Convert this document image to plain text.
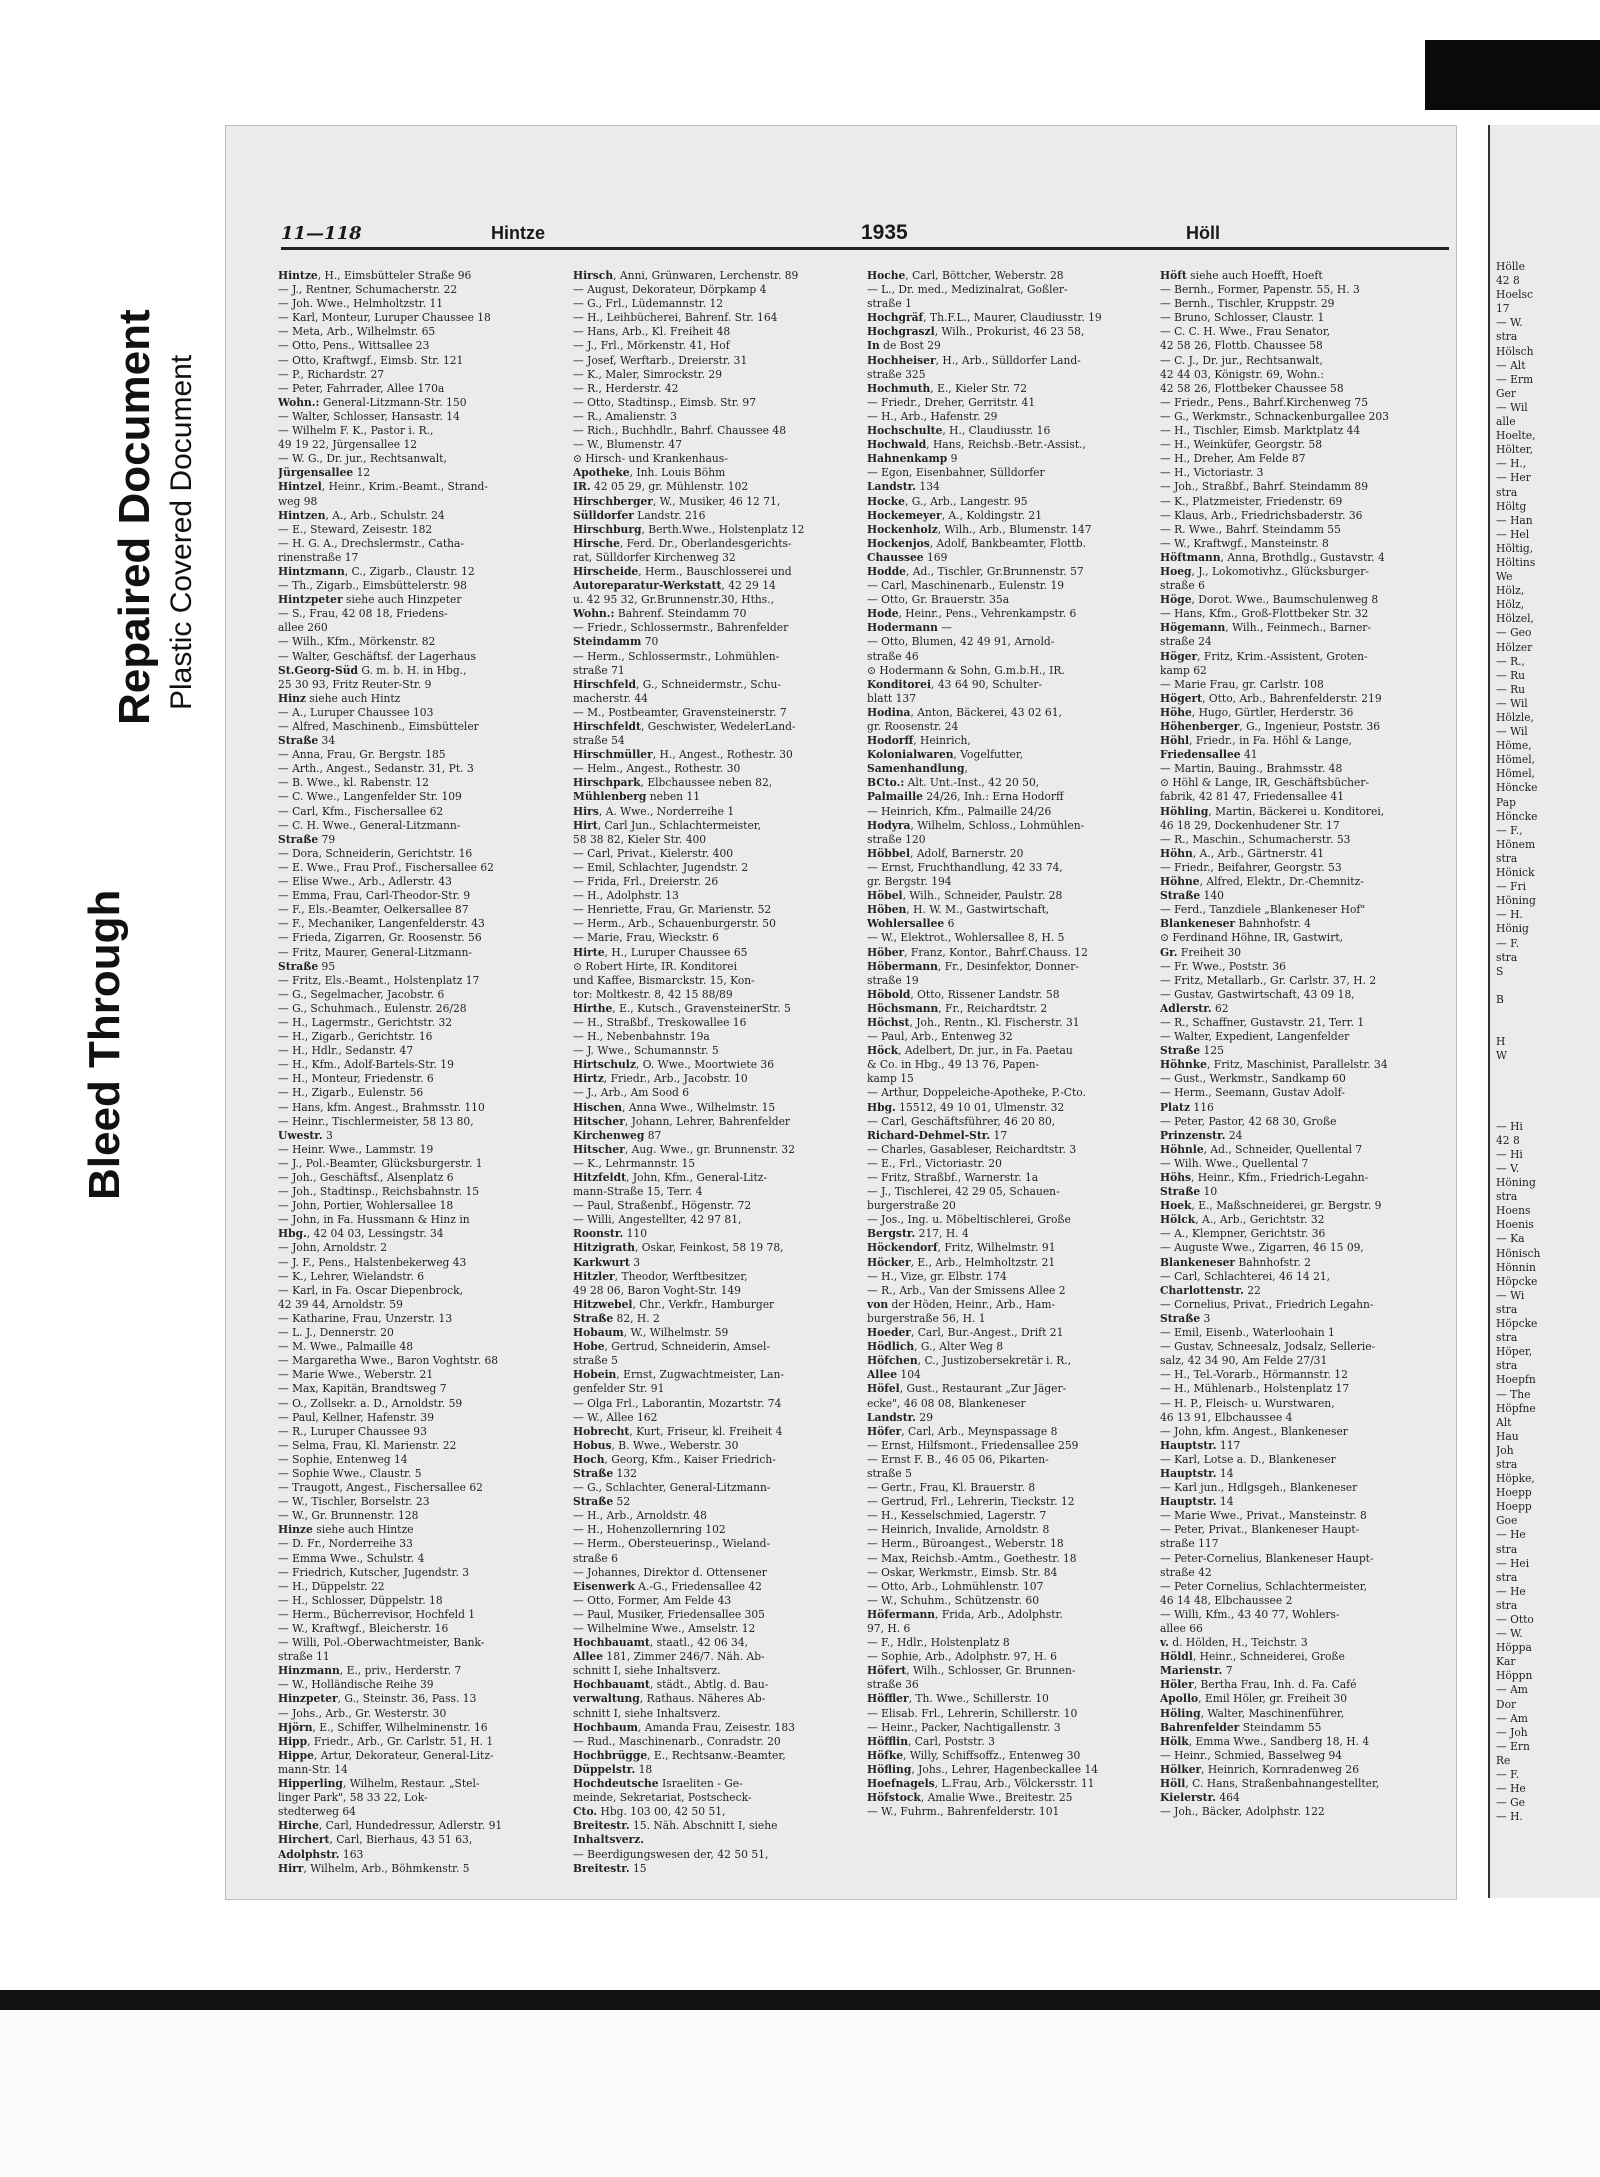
Bleed Through
Repaired Document Plastic Covered Document
11—118	Hintze	1935	Höll
Hintze, H., Eimsbütteler Straße 96
— J., Rentner, Schumacherstr. 22
— Joh. Wwe., Helmholtzstr. 11
— Karl, Monteur, Luruper Chaussee 18
— Meta, Arb., Wilhelmstr. 65
— Otto, Pens., Wittsallee 23
— Otto, Kraftwgf., Eimsb. Str. 121
— P., Richardstr. 27
— Peter, Fahrrader, Allee 170a
Wohn.: General-Litzmann-Str. 150
— Walter, Schlosser, Hansastr. 14
— Wilhelm F. K., Pastor i. R.,
49 19 22, Jürgensallee 12
— W. G., Dr. jur., Rechtsanwalt,
Jürgensallee 12
Hintzel, Heinr., Krim.-Beamt., Strand-
weg 98
Hintzen, A., Arb., Schulstr. 24
— E., Steward, Zeisestr. 182
— H. G. A., Drechslermstr., Catha-
rinenstraße 17
Hintzmann, C., Zigarb., Claustr. 12
— Th., Zigarb., Eimsbüttelerstr. 98
Hintzpeter siehe auch Hinzpeter
— S., Frau, 42 08 18, Friedens-
allee 260
— Wilh., Kfm., Mörkenstr. 82
— Walter, Geschäftsf. der Lagerhaus
St.Georg-Süd G. m. b. H. in Hbg.,
25 30 93, Fritz Reuter-Str. 9
Hinz siehe auch Hintz
— A., Luruper Chaussee 103
— Alfred, Maschinenb., Eimsbütteler
Straße 34
— Anna, Frau, Gr. Bergstr. 185
— Arth., Angest., Sedanstr. 31, Pt. 3
— B. Wwe., kl. Rabenstr. 12
— C. Wwe., Langenfelder Str. 109
— Carl, Kfm., Fischersallee 62
— C. H. Wwe., General-Litzmann-
Straße 79
— Dora, Schneiderin, Gerichtstr. 16
— E. Wwe., Frau Prof., Fischersallee 62
— Elise Wwe., Arb., Adlerstr. 43
— Emma, Frau, Carl-Theodor-Str. 9
— F., Els.-Beamter, Oelkersallee 87
— F., Mechaniker, Langenfelderstr. 43
— Frieda, Zigarren, Gr. Roosenstr. 56
— Fritz, Maurer, General-Litzmann-
Straße 95
— Fritz, Els.-Beamt., Holstenplatz 17
— G., Segelmacher, Jacobstr. 6
— G., Schuhmach., Eulenstr. 26/28
— H., Lagermstr., Gerichtstr. 32
— H., Zigarb., Gerichtstr. 16
— H., Hdlr., Sedanstr. 47
— H., Kfm., Adolf-Bartels-Str. 19
— H., Monteur, Friedenstr. 6
— H., Zigarb., Eulenstr. 56
— Hans, kfm. Angest., Brahmsstr. 110
— Heinr., Tischlermeister, 58 13 80,
Uwestr. 3
— Heinr. Wwe., Lammstr. 19
— J., Pol.-Beamter, Glücksburgerstr. 1
— Joh., Geschäftsf., Alsenplatz 6
— Joh., Stadtinsp., Reichsbahnstr. 15
— John, Portier, Wohlersallee 18
— John, in Fa. Hussmann & Hinz in
Hbg., 42 04 03, Lessingstr. 34
— John, Arnoldstr. 2
— J. F., Pens., Halstenbekerweg 43
— K., Lehrer, Wielandstr. 6
— Karl, in Fa. Oscar Diepenbrock,
42 39 44, Arnoldstr. 59
— Katharine, Frau, Unzerstr. 13
— L. J., Dennerstr. 20
— M. Wwe., Palmaille 48
— Margaretha Wwe., Baron Voghtstr. 68
— Marie Wwe., Weberstr. 21
— Max, Kapitän, Brandtsweg 7
— O., Zollsekr. a. D., Arnoldstr. 59
— Paul, Kellner, Hafenstr. 39
— R., Luruper Chaussee 93
— Selma, Frau, Kl. Marienstr. 22
— Sophie, Entenweg 14
— Sophie Wwe., Claustr. 5
— Traugott, Angest., Fischersallee 62
— W., Tischler, Borselstr. 23
— W., Gr. Brunnenstr. 128
Hinze siehe auch Hintze
— D. Fr., Norderreihe 33
— Emma Wwe., Schulstr. 4
— Friedrich, Kutscher, Jugendstr. 3
— H., Düppelstr. 22
— H., Schlosser, Düppelstr. 18
— Herm., Bücherrevisor, Hochfeld 1
— W., Kraftwgf., Bleicherstr. 16
— Willi, Pol.-Oberwachtmeister, Bank-
straße 11
Hinzmann, E., priv., Herderstr. 7
— W., Holländische Reihe 39
Hinzpeter, G., Steinstr. 36, Pass. 13
— Johs., Arb., Gr. Westerstr. 30
Hjörn, E., Schiffer, Wilhelminenstr. 16
Hipp, Friedr., Arb., Gr. Carlstr. 51, H. 1
Hippe, Artur, Dekorateur, General-Litz-
mann-Str. 14
Hipperling, Wilhelm, Restaur. „Stel-
linger Park", 58 33 22, Lok-
stedterweg 64
Hirche, Carl, Hundedressur, Adlerstr. 91
Hirchert, Carl, Bierhaus, 43 51 63,
Adolphstr. 163
Hirr, Wilhelm, Arb., Böhmkenstr. 5
Hirsch, Anni, Grünwaren, Lerchenstr. 89
— August, Dekorateur, Dörpkamp 4
— G., Frl., Lüdemannstr. 12
— H., Leihbücherei, Bahrenf. Str. 164
— Hans, Arb., Kl. Freiheit 48
— J., Frl., Mörkenstr. 41, Hof
— Josef, Werftarb., Dreierstr. 31
— K., Maler, Simrockstr. 29
— R., Herderstr. 42
— Otto, Stadtinsp., Eimsb. Str. 97
— R., Amalienstr. 3
— Rich., Buchhdlr., Bahrf. Chaussee 48
— W., Blumenstr. 47
⊙ Hirsch- und Krankenhaus-
Apotheke, Inh. Louis Böhm
IR. 42 05 29, gr. Mühlenstr. 102
Hirschberger, W., Musiker, 46 12 71,
Sülldorfer Landstr. 216
Hirschburg, Berth.Wwe., Holstenplatz 12
Hirsche, Ferd. Dr., Oberlandesgerichts-
rat, Sülldorfer Kirchenweg 32
Hirscheide, Herm., Bauschlosserei und
Autoreparatur-Werkstatt, 42 29 14
u. 42 95 32, Gr.Brunnenstr.30, Hths.,
Wohn.: Bahrenf. Steindamm 70
— Friedr., Schlossermstr., Bahrenfelder
Steindamm 70
— Herm., Schlossermstr., Lohmühlen-
straße 71
Hirschfeld, G., Schneidermstr., Schu-
macherstr. 44
— M., Postbeamter, Gravensteinerstr. 7
Hirschfeldt, Geschwister, WedelerLand-
straße 54
Hirschmüller, H., Angest., Rothestr. 30
— Helm., Angest., Rothestr. 30
Hirschpark, Elbchaussee neben 82,
Mühlenberg neben 11
Hirs, A. Wwe., Norderreihe 1
Hirt, Carl Jun., Schlachtermeister,
58 38 82, Kieler Str. 400
— Carl, Privat., Kielerstr. 400
— Emil, Schlachter, Jugendstr. 2
— Frida, Frl., Dreierstr. 26
— H., Adolphstr. 13
— Henriette, Frau, Gr. Marienstr. 52
— Herm., Arb., Schauenburgerstr. 50
— Marie, Frau, Wieckstr. 6
Hirte, H., Luruper Chaussee 65
⊙ Robert Hirte, IR. Konditorei
und Kaffee, Bismarckstr. 15, Kon-
tor: Moltkestr. 8, 42 15 88/89
Hirthe, E., Kutsch., GravensteinerStr. 5
— H., Straßbf., Treskowallee 16
— H., Nebenbahnstr. 19a
— J. Wwe., Schumannstr. 5
Hirtschulz, O. Wwe., Moortwiete 36
Hirtz, Friedr., Arb., Jacobstr. 10
— J., Arb., Am Sood 6
Hischen, Anna Wwe., Wilhelmstr. 15
Hitscher, Johann, Lehrer, Bahrenfelder
Kirchenweg 87
Hitscher, Aug. Wwe., gr. Brunnenstr. 32
— K., Lehrmannstr. 15
Hitzfeldt, John, Kfm., General-Litz-
mann-Straße 15, Terr. 4
— Paul, Straßenbf., Högenstr. 72
— Willi, Angestellter, 42 97 81,
Roonstr. 110
Hitzigrath, Oskar, Feinkost, 58 19 78,
Karkwurt 3
Hitzler, Theodor, Werftbesitzer,
49 28 06, Baron Voght-Str. 149
Hitzwebel, Chr., Verkfr., Hamburger
Straße 82, H. 2
Hobaum, W., Wilhelmstr. 59
Hobe, Gertrud, Schneiderin, Amsel-
straße 5
Hobein, Ernst, Zugwachtmeister, Lan-
genfelder Str. 91
— Olga Frl., Laborantin, Mozartstr. 74
— W., Allee 162
Hobrecht, Kurt, Friseur, kl. Freiheit 4
Hobus, B. Wwe., Weberstr. 30
Hoch, Georg, Kfm., Kaiser Friedrich-
Straße 132
— G., Schlachter, General-Litzmann-
Straße 52
— H., Arb., Arnoldstr. 48
— H., Hohenzollernring 102
— Herm., Obersteuerinsp., Wieland-
straße 6
— Johannes, Direktor d. Ottensener
Eisenwerk A.-G., Friedensallee 42
— Otto, Former, Am Felde 43
— Paul, Musiker, Friedensallee 305
— Wilhelmine Wwe., Amselstr. 12
Hochbauamt, staatl., 42 06 34,
Allee 181, Zimmer 246/7. Näh. Ab-
schnitt I, siehe Inhaltsverz.
Hochbauamt, städt., Abtlg. d. Bau-
verwaltung, Rathaus. Näheres Ab-
schnitt I, siehe Inhaltsverz.
Hochbaum, Amanda Frau, Zeisestr. 183
— Rud., Maschinenarb., Conradstr. 20
Hochbrügge, E., Rechtsanw.-Beamter,
Düppelstr. 18
Hochdeutsche Israeliten - Ge-
meinde, Sekretariat, Postscheck-
Cto. Hbg. 103 00, 42 50 51,
Breitestr. 15. Näh. Abschnitt I, siehe
Inhaltsverz.
— Beerdigungswesen der, 42 50 51,
Breitestr. 15
Hoche, Carl, Böttcher, Weberstr. 28
— L., Dr. med., Medizinalrat, Goßler-
straße 1
Hochgräf, Th.F.L., Maurer, Claudiusstr. 19
Hochgraszl, Wilh., Prokurist, 46 23 58,
In de Bost 29
Hochheiser, H., Arb., Sülldorfer Land-
straße 325
Hochmuth, E., Kieler Str. 72
— Friedr., Dreher, Gerritstr. 41
— H., Arb., Hafenstr. 29
Hochschulte, H., Claudiusstr. 16
Hochwald, Hans, Reichsb.-Betr.-Assist.,
Hahnenkamp 9
— Egon, Eisenbahner, Sülldorfer
Landstr. 134
Hocke, G., Arb., Langestr. 95
Hockemeyer, A., Koldingstr. 21
Hockenholz, Wilh., Arb., Blumenstr. 147
Hockenjos, Adolf, Bankbeamter, Flottb.
Chaussee 169
Hodde, Ad., Tischler, Gr.Brunnenstr. 57
— Carl, Maschinenarb., Eulenstr. 19
— Otto, Gr. Brauerstr. 35a
Hode, Heinr., Pens., Vehrenkampstr. 6
Hodermann —
— Otto, Blumen, 42 49 91, Arnold-
straße 46
⊙ Hodermann & Sohn, G.m.b.H., IR.
Konditorei, 43 64 90, Schulter-
blatt 137
Hodina, Anton, Bäckerei, 43 02 61,
gr. Roosenstr. 24
Hodorff, Heinrich,
Kolonialwaren, Vogelfutter,
Samenhandlung,
BCto.: Alt. Unt.-Inst., 42 20 50,
Palmaille 24/26, Inh.: Erna Hodorff
— Heinrich, Kfm., Palmaille 24/26
Hodyra, Wilhelm, Schloss., Lohmühlen-
straße 120
Höbbel, Adolf, Barnerstr. 20
— Ernst, Fruchthandlung, 42 33 74,
gr. Bergstr. 194
Höbel, Wilh., Schneider, Paulstr. 28
Höben, H. W. M., Gastwirtschaft,
Wohlersallee 6
— W., Elektrot., Wohlersallee 8, H. 5
Höber, Franz, Kontor., Bahrf.Chauss. 12
Höbermann, Fr., Desinfektor, Donner-
straße 19
Höbold, Otto, Rissener Landstr. 58
Höchsmann, Fr., Reichardtstr. 2
Höchst, Joh., Rentn., Kl. Fischerstr. 31
— Paul, Arb., Entenweg 32
Höck, Adelbert, Dr. jur., in Fa. Paetau
& Co. in Hbg., 49 13 76, Papen-
kamp 15
— Arthur, Doppeleiche-Apotheke, P.-Cto.
Hbg. 15512, 49 10 01, Ulmenstr. 32
— Carl, Geschäftsführer, 46 20 80,
Richard-Dehmel-Str. 17
— Charles, Gasableser, Reichardtstr. 3
— E., Frl., Victoriastr. 20
— Fritz, Straßbf., Warnerstr. 1a
— J., Tischlerei, 42 29 05, Schauen-
burgerstraße 20
— Jos., Ing. u. Möbeltischlerei, Große
Bergstr. 217, H. 4
Höckendorf, Fritz, Wilhelmstr. 91
Höcker, E., Arb., Helmholtzstr. 21
— H., Vize, gr. Elbstr. 174
— R., Arb., Van der Smissens Allee 2
von der Höden, Heinr., Arb., Ham-
burgerstraße 56, H. 1
Hoeder, Carl, Bur.-Angest., Drift 21
Hödlich, G., Alter Weg 8
Höfchen, C., Justizobersekretär i. R.,
Allee 104
Höfel, Gust., Restaurant „Zur Jäger-
ecke", 46 08 08, Blankeneser
Landstr. 29
Höfer, Carl, Arb., Meynspassage 8
— Ernst, Hilfsmont., Friedensallee 259
— Ernst F. B., 46 05 06, Pikarten-
straße 5
— Gertr., Frau, Kl. Brauerstr. 8
— Gertrud, Frl., Lehrerin, Tieckstr. 12
— H., Kesselschmied, Lagerstr. 7
— Heinrich, Invalide, Arnoldstr. 8
— Herm., Büroangest., Weberstr. 18
— Max, Reichsb.-Amtm., Goethestr. 18
— Oskar, Werkmstr., Eimsb. Str. 84
— Otto, Arb., Lohmühlenstr. 107
— W., Schuhm., Schützenstr. 60
Höfermann, Frida, Arb., Adolphstr.
97, H. 6
— F., Hdlr., Holstenplatz 8
— Sophie, Arb., Adolphstr. 97, H. 6
Höfert, Wilh., Schlosser, Gr. Brunnen-
straße 36
Höffler, Th. Wwe., Schillerstr. 10
— Elisab. Frl., Lehrerin, Schillerstr. 10
— Heinr., Packer, Nachtigallenstr. 3
Höfflin, Carl, Poststr. 3
Höfke, Willy, Schiffsoffz., Entenweg 30
Höfling, Johs., Lehrer, Hagenbeckallee 14
Hoefnagels, L.Frau, Arb., Völckersstr. 11
Höfstock, Amalie Wwe., Breitestr. 25
— W., Fuhrm., Bahrenfelderstr. 101
Höft siehe auch Hoefft, Hoeft
— Bernh., Former, Papenstr. 55, H. 3
— Bernh., Tischler, Kruppstr. 29
— Bruno, Schlosser, Claustr. 1
— C. C. H. Wwe., Frau Senator,
42 58 26, Flottb. Chaussee 58
— C. J., Dr. jur., Rechtsanwalt,
42 44 03, Königstr. 69, Wohn.:
42 58 26, Flottbeker Chaussee 58
— Friedr., Pens., Bahrf.Kirchenweg 75
— G., Werkmstr., Schnackenburgallee 203
— H., Tischler, Eimsb. Marktplatz 44
— H., Weinküfer, Georgstr. 58
— H., Dreher, Am Felde 87
— H., Victoriastr. 3
— Joh., Straßbf., Bahrf. Steindamm 89
— K., Platzmeister, Friedenstr. 69
— Klaus, Arb., Friedrichsbaderstr. 36
— R. Wwe., Bahrf. Steindamm 55
— W., Kraftwgf., Mansteinstr. 8
Höftmann, Anna, Brothdlg., Gustavstr. 4
Hoeg, J., Lokomotivhz., Glücksburger-
straße 6
Höge, Dorot. Wwe., Baumschulenweg 8
— Hans, Kfm., Groß-Flottbeker Str. 32
Högemann, Wilh., Feinmech., Barner-
straße 24
Höger, Fritz, Krim.-Assistent, Groten-
kamp 62
— Marie Frau, gr. Carlstr. 108
Högert, Otto, Arb., Bahrenfelderstr. 219
Höhe, Hugo, Gürtler, Herderstr. 36
Höhenberger, G., Ingenieur, Poststr. 36
Höhl, Friedr., in Fa. Höhl & Lange,
Friedensallee 41
— Martin, Bauing., Brahmsstr. 48
⊙ Höhl & Lange, IR, Geschäftsbücher-
fabrik, 42 81 47, Friedensallee 41
Höhling, Martin, Bäckerei u. Konditorei,
46 18 29, Dockenhudener Str. 17
— R., Maschin., Schumacherstr. 53
Höhn, A., Arb., Gärtnerstr. 41
— Friedr., Beifahrer, Georgstr. 53
Höhne, Alfred, Elektr., Dr.-Chemnitz-
Straße 140
— Ferd., Tanzdiele „Blankeneser Hof"
Blankeneser Bahnhofstr. 4
⊙ Ferdinand Höhne, IR, Gastwirt,
Gr. Freiheit 30
— Fr. Wwe., Poststr. 36
— Fritz, Metallarb., Gr. Carlstr. 37, H. 2
— Gustav, Gastwirtschaft, 43 09 18,
Adlerstr. 62
— R., Schaffner, Gustavstr. 21, Terr. 1
— Walter, Expedient, Langenfelder
Straße 125
Höhnke, Fritz, Maschinist, Parallelstr. 34
— Gust., Werkmstr., Sandkamp 60
— Herm., Seemann, Gustav Adolf-
Platz 116
— Peter, Pastor, 42 68 30, Große
Prinzenstr. 24
Höhnle, Ad., Schneider, Quellental 7
— Wilh. Wwe., Quellental 7
Höhs, Heinr., Kfm., Friedrich-Legahn-
Straße 10
Hoek, E., Maßschneiderei, gr. Bergstr. 9
Hölck, A., Arb., Gerichtstr. 32
— A., Klempner, Gerichtstr. 36
— Auguste Wwe., Zigarren, 46 15 09,
Blankeneser Bahnhofstr. 2
— Carl, Schlachterei, 46 14 21,
Charlottenstr. 22
— Cornelius, Privat., Friedrich Legahn-
Straße 3
— Emil, Eisenb., Waterloohain 1
— Gustav, Schneesalz, Jodsalz, Sellerie-
salz, 42 34 90, Am Felde 27/31
— H., Tel.-Vorarb., Hörmannstr. 12
— H., Mühlenarb., Holstenplatz 17
— H. P., Fleisch- u. Wurstwaren,
46 13 91, Elbchaussee 4
— John, kfm. Angest., Blankeneser
Hauptstr. 117
— Karl, Lotse a. D., Blankeneser
Hauptstr. 14
— Karl jun., Hdlgsgeh., Blankeneser
Hauptstr. 14
— Marie Wwe., Privat., Mansteinstr. 8
— Peter, Privat., Blankeneser Haupt-
straße 117
— Peter-Cornelius, Blankeneser Haupt-
straße 42
— Peter Cornelius, Schlachtermeister,
46 14 48, Elbchaussee 2
— Willi, Kfm., 43 40 77, Wohlers-
allee 66
v. d. Hölden, H., Teichstr. 3
Höldl, Heinr., Schneiderei, Große
Marienstr. 7
Höler, Bertha Frau, Inh. d. Fa. Café
Apollo, Emil Höler, gr. Freiheit 30
Höling, Walter, Maschinenführer,
Bahrenfelder Steindamm 55
Hölk, Emma Wwe., Sandberg 18, H. 4
— Heinr., Schmied, Basselweg 94
Hölker, Heinrich, Kornradenweg 26
Höll, C. Hans, Straßenbahnangestellter,
Kielerstr. 464
— Joh., Bäcker, Adolphstr. 122
Hölle
42 8
Hoelsc
17
— W.
stra
Hölsch
— Alt
— Erm
Ger
— Wil
alle
Hoelte,
Hölter,
— H.,
— Her
stra
Höltg
— Han
— Hel
Höltig,
Höltins
We
Hölz,
Hölz,
Hölzel,
— Geo
Hölzer
— R.,
— Ru
— Ru
— Wil
Hölzle,
— Wil
Höme,
Hömel,
Hömel,
Höncke
Pap
Höncke
— F.,
Hönem
stra
Hönick
— Fri
Höning
— H.
Hönig
— F.
stra
S

B

H
W

— Hi
42 8
— Hi
— V.
Höning
stra
Hoens
Hoenis
— Ka
Hönisch
Hönnin
Höpcke
— Wi
stra
Höpcke
stra
Höper,
stra
Hoepfn
— The
Höpfne
Alt
Hau
Joh
stra
Höpke,
Hoepp
Hoepp
Goe
— He
stra
— Hei
stra
— He
stra
— Otto
— W.
Höppa
Kar
Höppn
— Am
Dor
— Am
— Joh
— Ern
Re
— F.
— He
— Ge
— H.
